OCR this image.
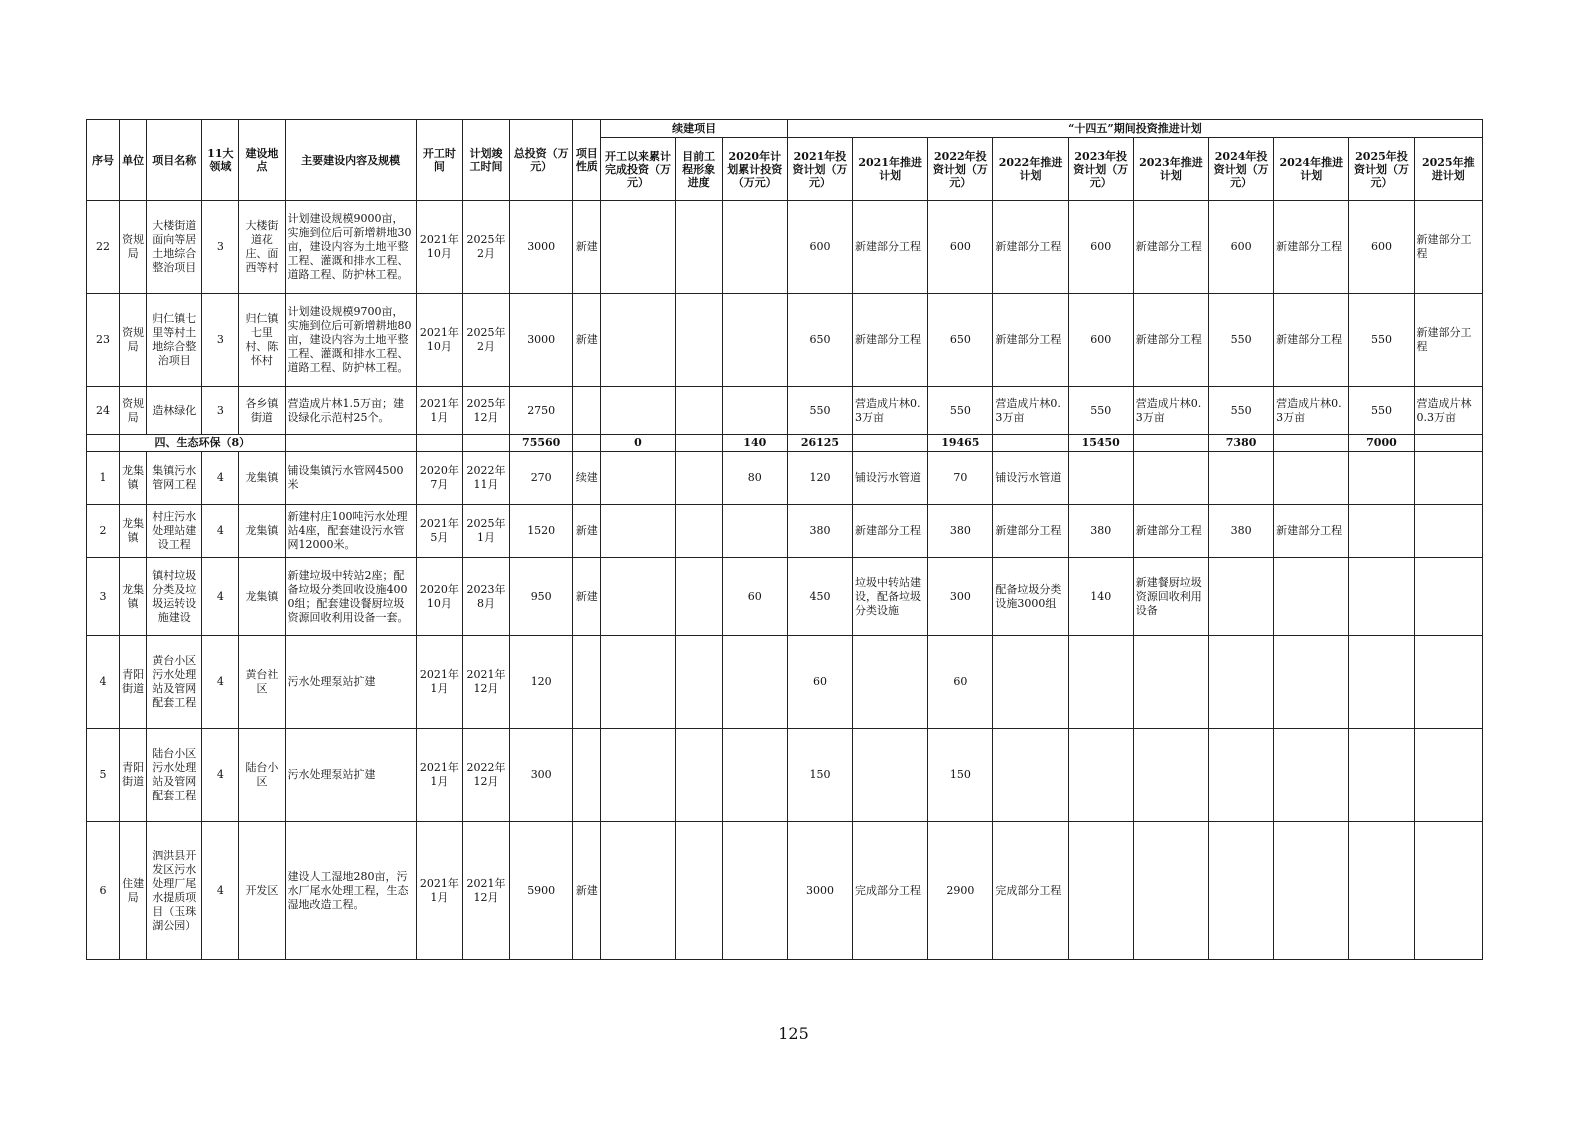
序号	单位	项目名称	11大领域	建设地点	主要建设内容及规模	开工时间	计划竣工时间	总投资（万元）	项目性质	续建项目			“十四五”期间投资推进计划									
										开工以来累计完成投资（万元）	目前工程形象进度	2020年计划累计投资（万元）	2021年投资计划（万元）	2021年推进计划	2022年投资计划（万元）	2022年推进计划	2023年投资计划（万元）	2023年推进计划	2024年投资计划（万元）	2024年推进计划	2025年投资计划（万元）	2025年推进计划
22	资规局	大楼街道面向等居土地综合整治项目	3	大楼街道花庄、面西等村	计划建设规模9000亩，实施到位后可新增耕地30亩，建设内容为土地平整工程、灌溉和排水工程、道路工程、防护林工程。	2021年10月	2025年2月	3000	新建				600	新建部分工程	600	新建部分工程	600	新建部分工程	600	新建部分工程	600	新建部分工程
23	资规局	归仁镇七里等村土地综合整治项目	3	归仁镇七里村、陈怀村	计划建设规模9700亩，实施到位后可新增耕地80亩，建设内容为土地平整工程、灌溉和排水工程、道路工程、防护林工程。	2021年10月	2025年2月	3000	新建				650	新建部分工程	650	新建部分工程	600	新建部分工程	550	新建部分工程	550	新建部分工程
24	资规局	造林绿化	3	各乡镇街道	营造成片林1.5万亩；建设绿化示范村25个。	2021年1月	2025年12月	2750					550	营造成片林0.3万亩	550	营造成片林0.3万亩	550	营造成片林0.3万亩	550	营造成片林0.3万亩	550	营造成片林0.3万亩
	四、生态环保（8）							75560		0		140	26125		19465		15450		7380		7000	
1	龙集镇	集镇污水管网工程	4	龙集镇	铺设集镇污水管网4500米	2020年7月	2022年11月	270	续建			80	120	铺设污水管道	70	铺设污水管道						
2	龙集镇	村庄污水处理站建设工程	4	龙集镇	新建村庄100吨污水处理站4座，配套建设污水管网12000米。	2021年5月	2025年1月	1520	新建				380	新建部分工程	380	新建部分工程	380	新建部分工程	380	新建部分工程		
3	龙集镇	镇村垃圾分类及垃圾运转设施建设	4	龙集镇	新建垃圾中转站2座；配备垃圾分类回收设施4000组；配套建设餐厨垃圾资源回收利用设备一套。	2020年10月	2023年8月	950	新建			60	450	垃圾中转站建设，配备垃圾分类设施	300	配备垃圾分类设施3000组	140	新建餐厨垃圾资源回收利用设备				
4	青阳街道	黄台小区污水处理站及管网配套工程	4	黄台社区	污水处理泵站扩建	2021年1月	2021年12月	120					60		60							
5	青阳街道	陆台小区污水处理站及管网配套工程	4	陆台小区	污水处理泵站扩建	2021年1月	2022年12月	300					150		150							
6	住建局	泗洪县开发区污水处理厂尾水提质项目（玉珠湖公园）	4	开发区	建设人工湿地280亩，污水厂尾水处理工程，生态湿地改造工程。	2021年1月	2021年12月	5900	新建				3000	完成部分工程	2900	完成部分工程						
125
